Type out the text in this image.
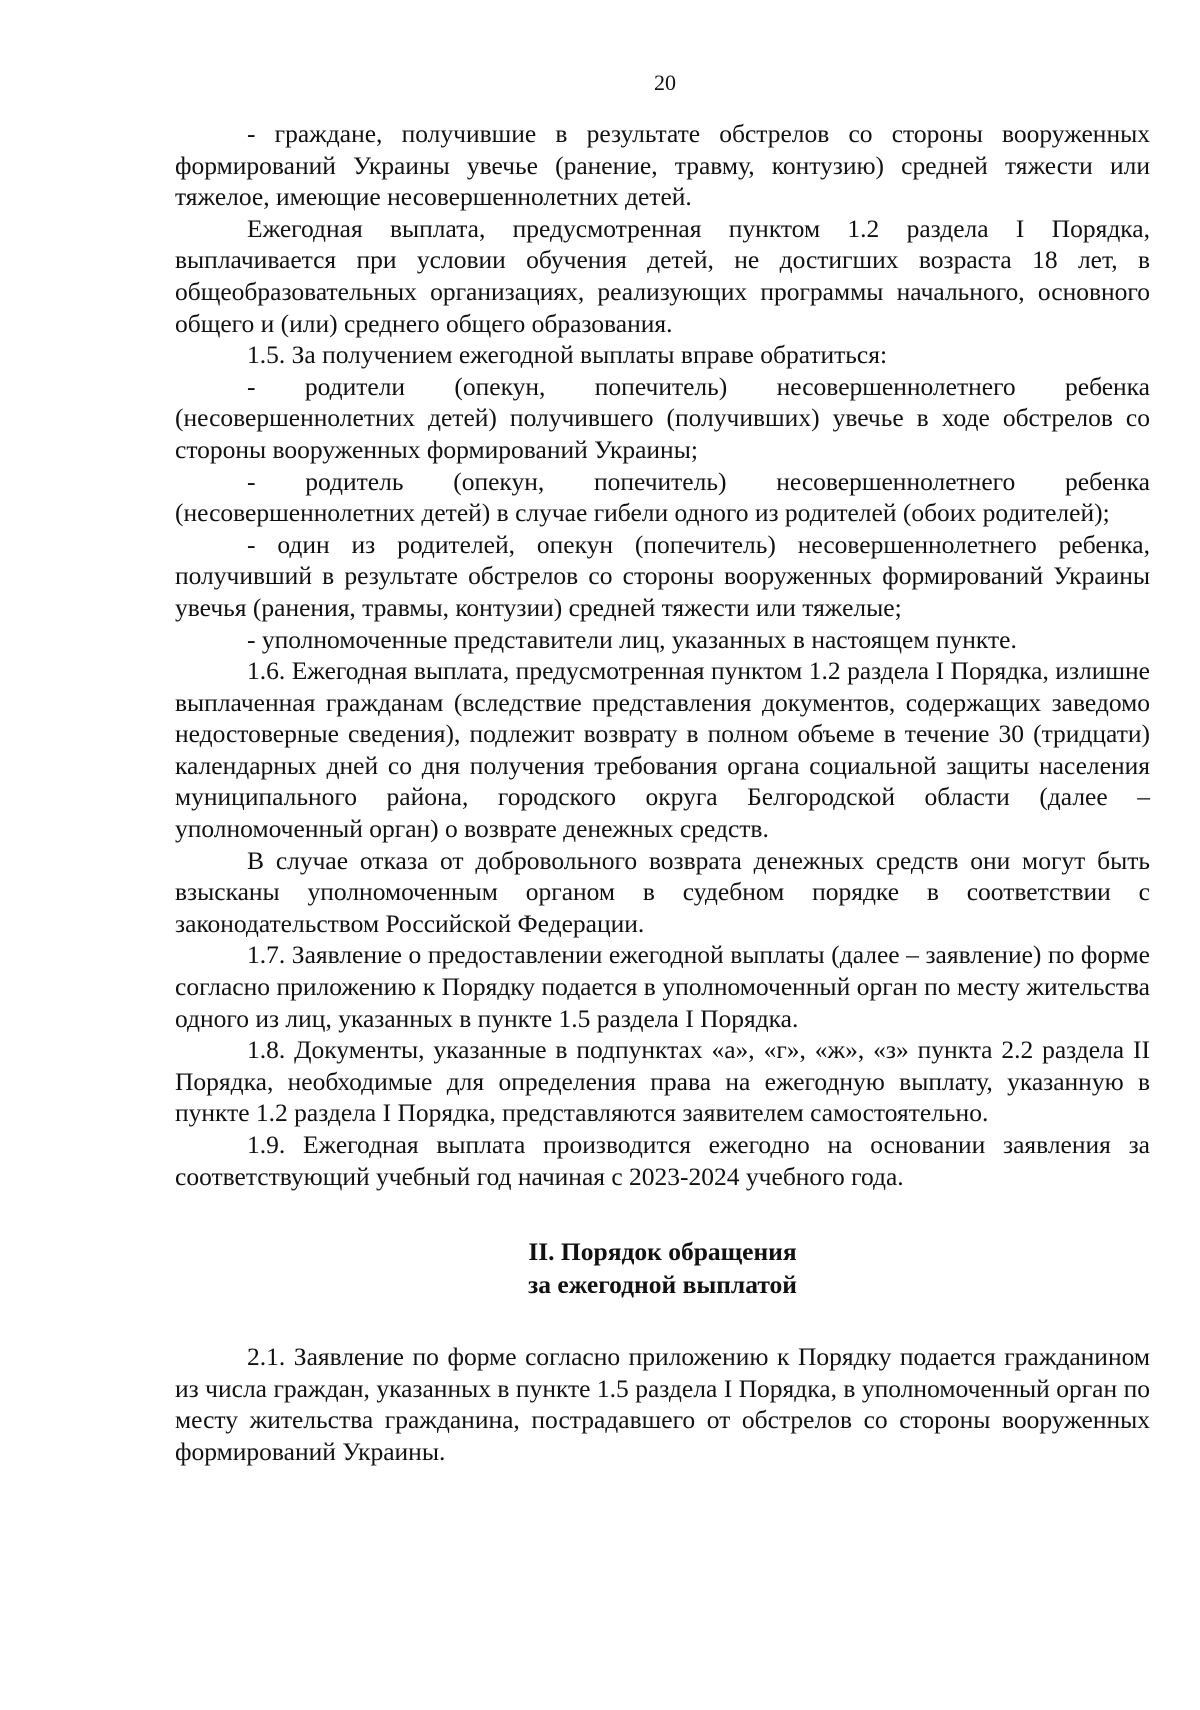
20

- граждане, получившие в результате обстрелов со стороны вооруженных формирований Украины увечье (ранение, травму, контузию) средней тяжести или тяжелое, имеющие несовершеннолетних детей.

Ежегодная выплата, предусмотренная пунктом 1.2 раздела I Порядка, выплачивается при условии обучения детей, не достигших возраста 18 лет, в общеобразовательных организациях, реализующих программы начального, основного общего и (или) среднего общего образования.

1.5. За получением ежегодной выплаты вправе обратиться:

- родители (опекун, попечитель) несовершеннолетнего ребенка (несовершеннолетних детей) получившего (получивших) увечье в ходе обстрелов со стороны вооруженных формирований Украины;

- родитель (опекун, попечитель) несовершеннолетнего ребенка (несовершеннолетних детей) в случае гибели одного из родителей (обоих родителей);

- один из родителей, опекун (попечитель) несовершеннолетнего ребенка, получивший в результате обстрелов со стороны вооруженных формирований Украины увечья (ранения, травмы, контузии) средней тяжести или тяжелые;

- уполномоченные представители лиц, указанных в настоящем пункте.

1.6. Ежегодная выплата, предусмотренная пунктом 1.2 раздела I Порядка, излишне выплаченная гражданам (вследствие представления документов, содержащих заведомо недостоверные сведения), подлежит возврату в полном объеме в течение 30 (тридцати) календарных дней со дня получения требования органа социальной защиты населения муниципального района, городского округа Белгородской области (далее – уполномоченный орган) о возврате денежных средств.

В случае отказа от добровольного возврата денежных средств они могут быть взысканы уполномоченным органом в судебном порядке в соответствии с законодательством Российской Федерации.

1.7. Заявление о предоставлении ежегодной выплаты (далее – заявление) по форме согласно приложению к Порядку подается в уполномоченный орган по месту жительства одного из лиц, указанных в пункте 1.5 раздела I Порядка.

1.8. Документы, указанные в подпунктах «а», «г», «ж», «з» пункта 2.2 раздела II Порядка, необходимые для определения права на ежегодную выплату, указанную в пункте 1.2 раздела I Порядка, представляются заявителем самостоятельно.

1.9. Ежегодная выплата производится ежегодно на основании заявления за соответствующий учебный год начиная с 2023-2024 учебного года.

II. Порядок обращения
за ежегодной выплатой

2.1. Заявление по форме согласно приложению к Порядку подается гражданином из числа граждан, указанных в пункте 1.5 раздела I Порядка, в уполномоченный орган по месту жительства гражданина, пострадавшего от обстрелов со стороны вооруженных формирований Украины.
